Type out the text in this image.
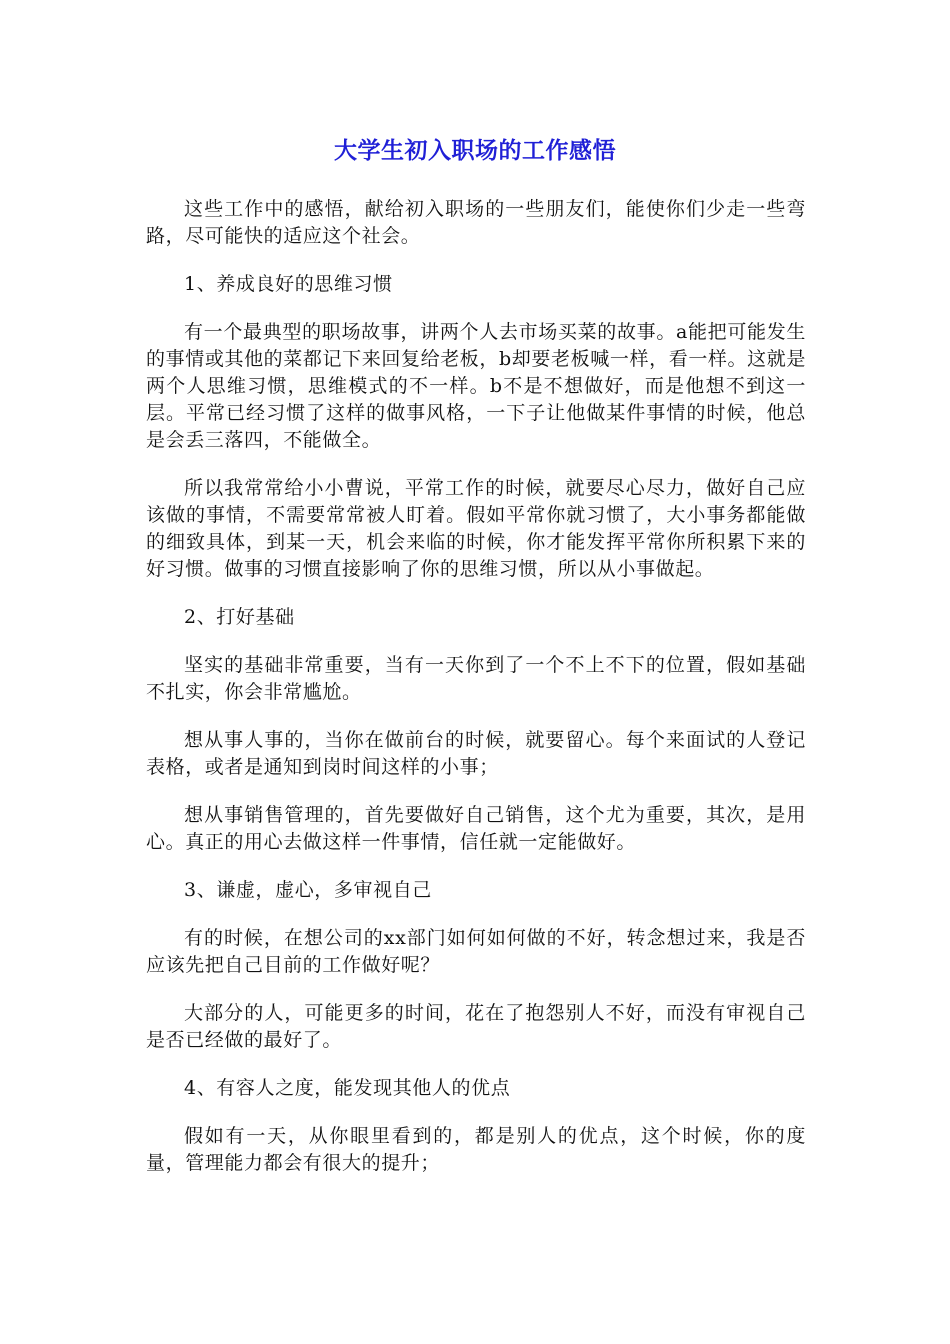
大学生初入职场的工作感悟

这些工作中的感悟，献给初入职场的一些朋友们，能使你们少走一些弯路，尽可能快的适应这个社会。

1、养成良好的思维习惯

有一个最典型的职场故事，讲两个人去市场买菜的故事。a能把可能发生的事情或其他的菜都记下来回复给老板，b却要老板喊一样，看一样。这就是两个人思维习惯，思维模式的不一样。b不是不想做好，而是他想不到这一层。平常已经习惯了这样的做事风格，一下子让他做某件事情的时候，他总是会丢三落四，不能做全。

所以我常常给小小曹说，平常工作的时候，就要尽心尽力，做好自己应该做的事情，不需要常常被人盯着。假如平常你就习惯了，大小事务都能做的细致具体，到某一天，机会来临的时候，你才能发挥平常你所积累下来的好习惯。做事的习惯直接影响了你的思维习惯，所以从小事做起。

2、打好基础

坚实的基础非常重要，当有一天你到了一个不上不下的位置，假如基础不扎实，你会非常尴尬。

想从事人事的，当你在做前台的时候，就要留心。每个来面试的人登记表格，或者是通知到岗时间这样的小事；

想从事销售管理的，首先要做好自己销售，这个尤为重要，其次，是用心。真正的用心去做这样一件事情，信任就一定能做好。

3、谦虚，虚心，多审视自己

有的时候，在想公司的xx部门如何如何做的不好，转念想过来，我是否应该先把自己目前的工作做好呢？

大部分的人，可能更多的时间，花在了抱怨别人不好，而没有审视自己是否已经做的最好了。

4、有容人之度，能发现其他人的优点

假如有一天，从你眼里看到的，都是别人的优点，这个时候，你的度量，管理能力都会有很大的提升；
